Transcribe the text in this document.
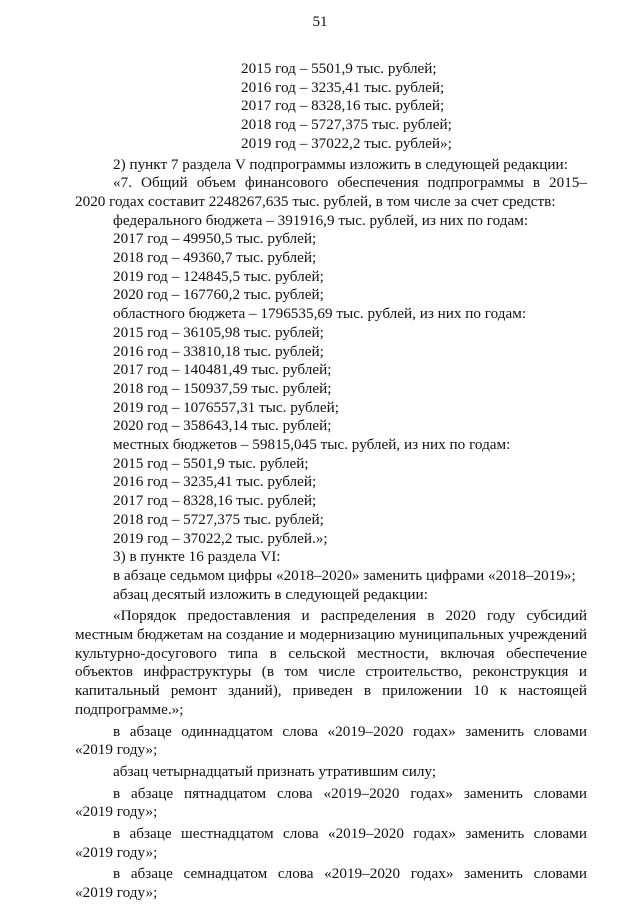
51
2015 год – 5501,9 тыс. рублей;
2016 год – 3235,41 тыс. рублей;
2017 год – 8328,16 тыс. рублей;
2018 год – 5727,375 тыс. рублей;
2019 год – 37022,2 тыс. рублей»;
2) пункт 7 раздела V подпрограммы изложить в следующей редакции:
«7. Общий объем финансового обеспечения подпрограммы в 2015–
2020 годах составит 2248267,635 тыс. рублей, в том числе за счет средств:
федерального бюджета – 391916,9 тыс. рублей, из них по годам:
2017 год – 49950,5 тыс. рублей;
2018 год – 49360,7 тыс. рублей;
2019 год – 124845,5 тыс. рублей;
2020 год – 167760,2 тыс. рублей;
областного бюджета – 1796535,69 тыс. рублей, из них по годам:
2015 год – 36105,98 тыс. рублей;
2016 год – 33810,18 тыс. рублей;
2017 год – 140481,49 тыс. рублей;
2018 год – 150937,59 тыс. рублей;
2019 год – 1076557,31 тыс. рублей;
2020 год – 358643,14 тыс. рублей;
местных бюджетов – 59815,045 тыс. рублей, из них по годам:
2015 год – 5501,9 тыс. рублей;
2016 год – 3235,41 тыс. рублей;
2017 год – 8328,16 тыс. рублей;
2018 год – 5727,375 тыс. рублей;
2019 год – 37022,2 тыс. рублей.»;
3) в пункте 16 раздела VI:
в абзаце седьмом цифры «2018–2020» заменить цифрами «2018–2019»;
абзац десятый изложить в следующей редакции:
«Порядок предоставления и распределения в 2020 году субсидий
местным бюджетам на создание и модернизацию муниципальных учреждений
культурно-досугового типа в сельской местности, включая обеспечение
объектов инфраструктуры (в том числе строительство, реконструкция и
капитальный ремонт зданий), приведен в приложении 10 к настоящей
подпрограмме.»;
в абзаце одиннадцатом слова «2019–2020 годах» заменить словами
«2019 году»;
абзац четырнадцатый признать утратившим силу;
в абзаце пятнадцатом слова «2019–2020 годах» заменить словами
«2019 году»;
в абзаце шестнадцатом слова «2019–2020 годах» заменить словами
«2019 году»;
в абзаце семнадцатом слова «2019–2020 годах» заменить словами
«2019 году»;
